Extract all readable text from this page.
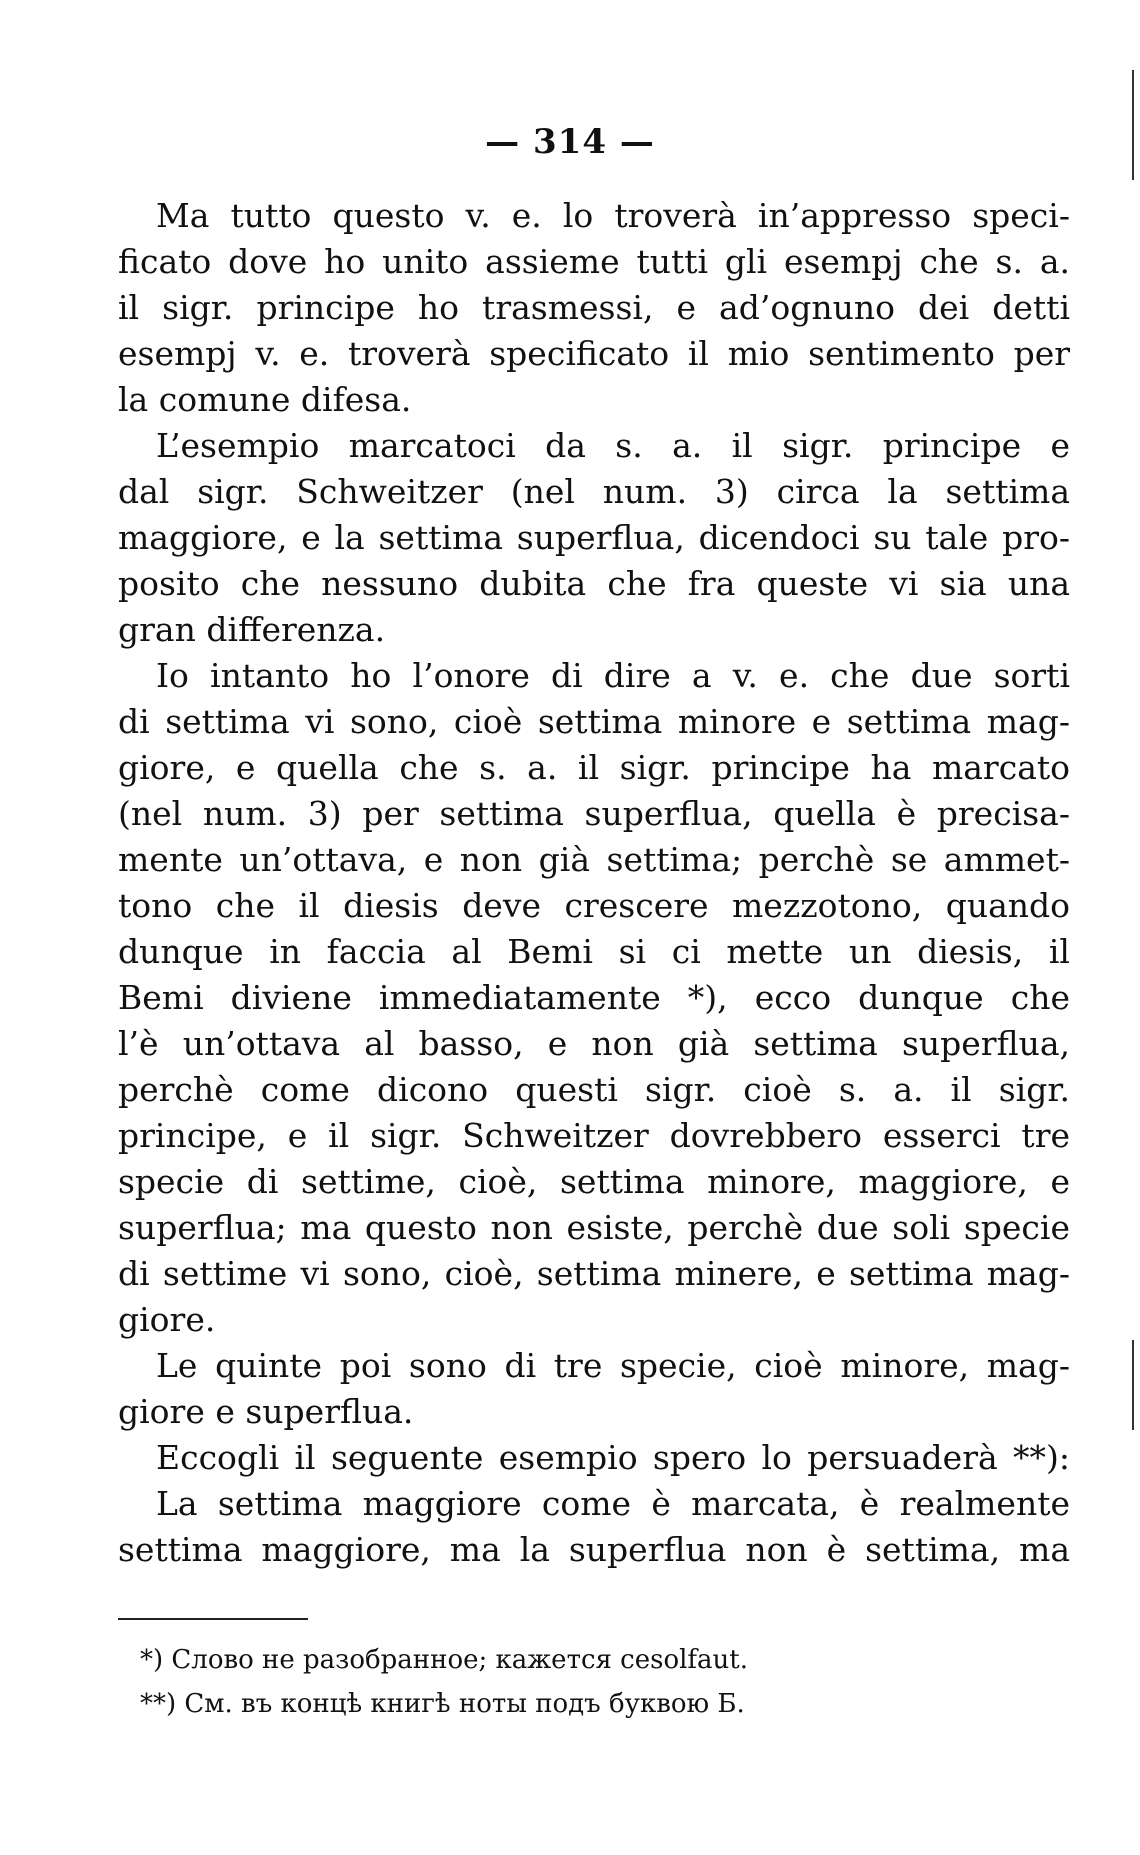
— 314 —
Ma tutto questo v. e. lo troverà in’appresso speci-
ficato dove ho unito assieme tutti gli esempj che s. a.
il sigr. principe ho trasmessi, e ad’ognuno dei detti
esempj v. e. troverà specificato il mio sentimento per
la comune difesa.
L’esempio marcatoci da s. a. il sigr. principe e
dal sigr. Schweitzer (nel num. 3) circa la settima
maggiore, e la settima superflua, dicendoci su tale pro-
posito che nessuno dubita che fra queste vi sia una
gran differenza.
Io intanto ho l’onore di dire a v. e. che due sorti
di settima vi sono, cioè settima minore e settima mag-
giore, e quella che s. a. il sigr. principe ha marcato
(nel num. 3) per settima superflua, quella è precisa-
mente un’ottava, e non già settima; perchè se ammet-
tono che il diesis deve crescere mezzotono, quando
dunque in faccia al Bemi si ci mette un diesis, il
Bemi diviene immediatamente *), ecco dunque che
l’è un’ottava al basso, e non già settima superflua,
perchè come dicono questi sigr. cioè s. a. il sigr.
principe, e il sigr. Schweitzer dovrebbero esserci tre
specie di settime, cioè, settima minore, maggiore, e
superflua; ma questo non esiste, perchè due soli specie
di settime vi sono, cioè, settima minere, e settima mag-
giore.
Le quinte poi sono di tre specie, cioè minore, mag-
giore e superflua.
Eccogli il seguente esempio spero lo persuaderà **):
La settima maggiore come è marcata, è realmente
settima maggiore, ma la superflua non è settima, ma
*) Слово не разобранное; кажется cesolfaut.
**) См. въ концѣ книгѣ ноты подъ буквою Б.
